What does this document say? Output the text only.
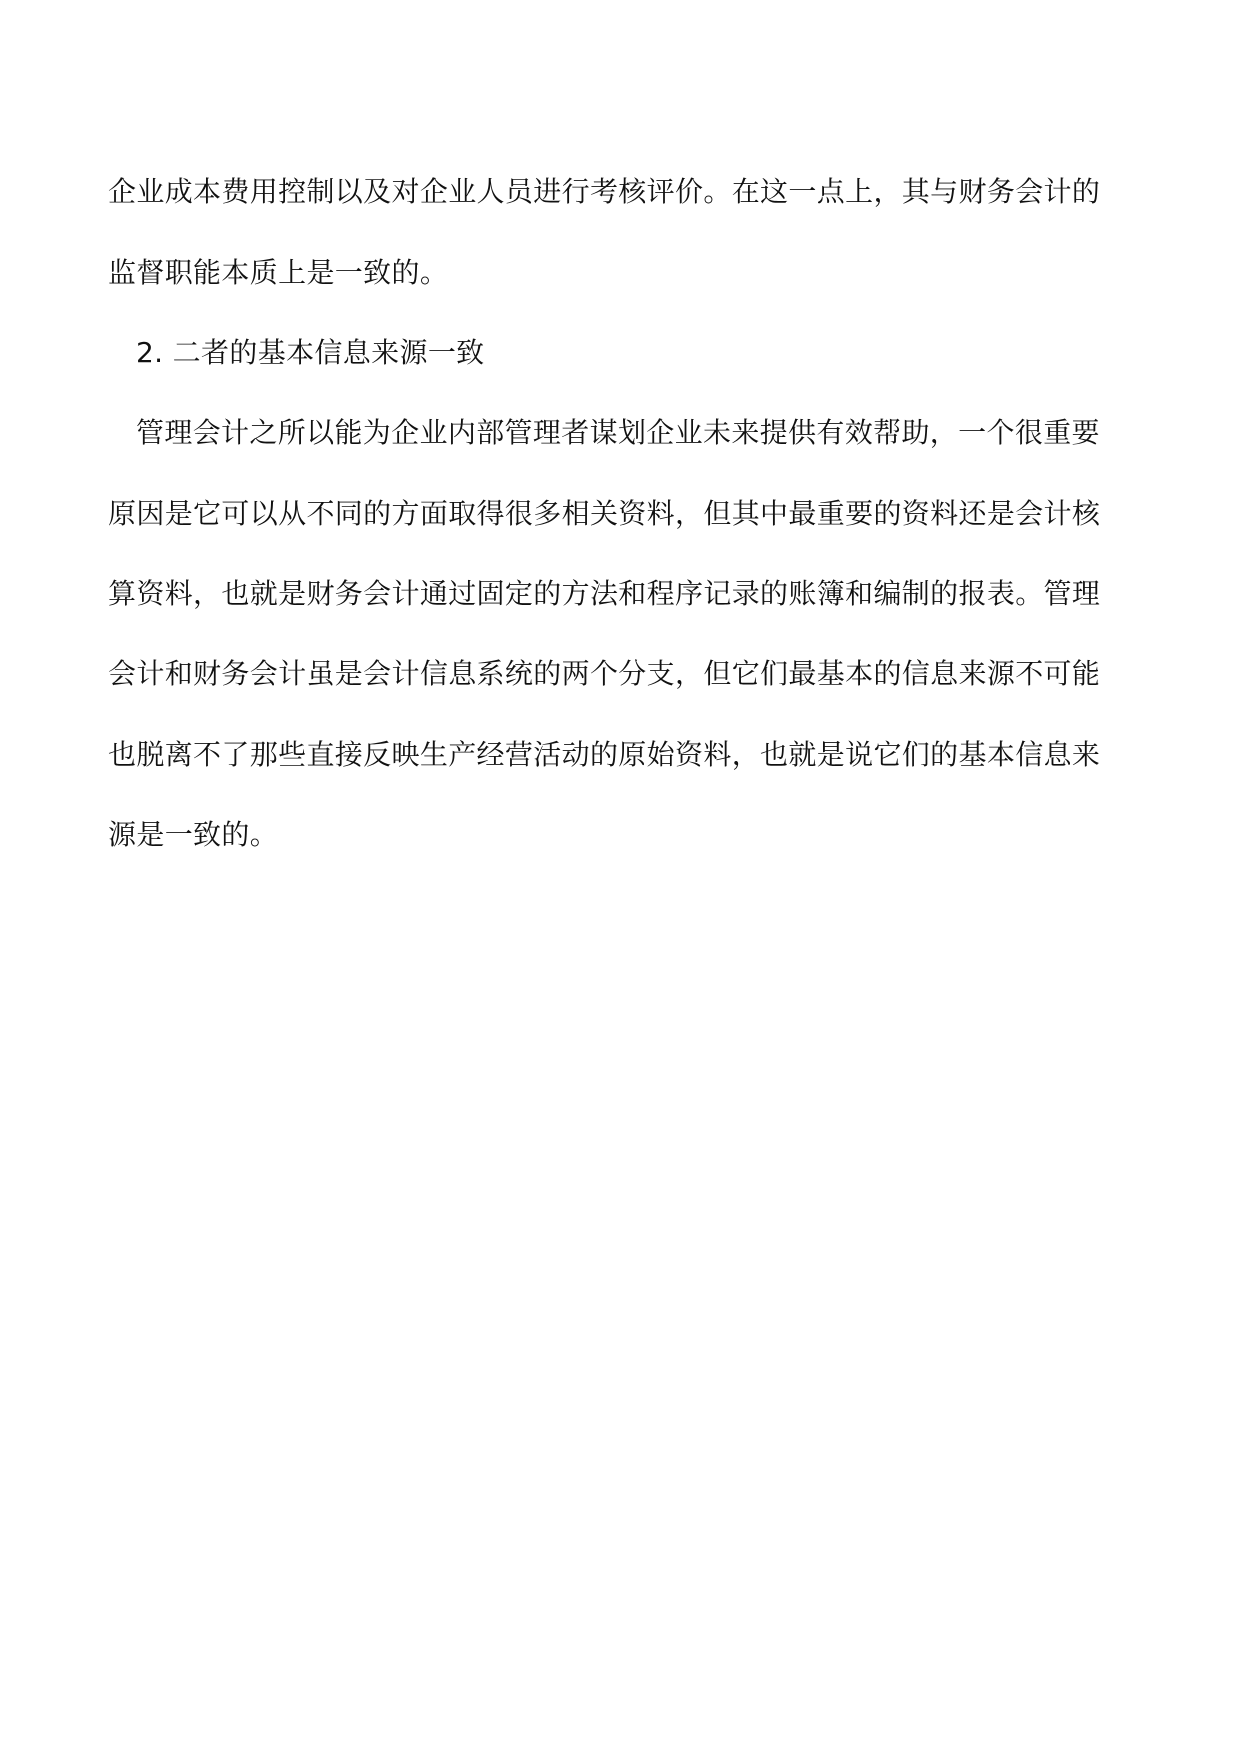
企业成本费用控制以及对企业人员进行考核评价。在这一点上，其与财务会计的
监督职能本质上是一致的。
2. 二者的基本信息来源一致
管理会计之所以能为企业内部管理者谋划企业未来提供有效帮助，一个很重要
原因是它可以从不同的方面取得很多相关资料，但其中最重要的资料还是会计核
算资料，也就是财务会计通过固定的方法和程序记录的账簿和编制的报表。管理
会计和财务会计虽是会计信息系统的两个分支，但它们最基本的信息来源不可能
也脱离不了那些直接反映生产经营活动的原始资料，也就是说它们的基本信息来
源是一致的。
